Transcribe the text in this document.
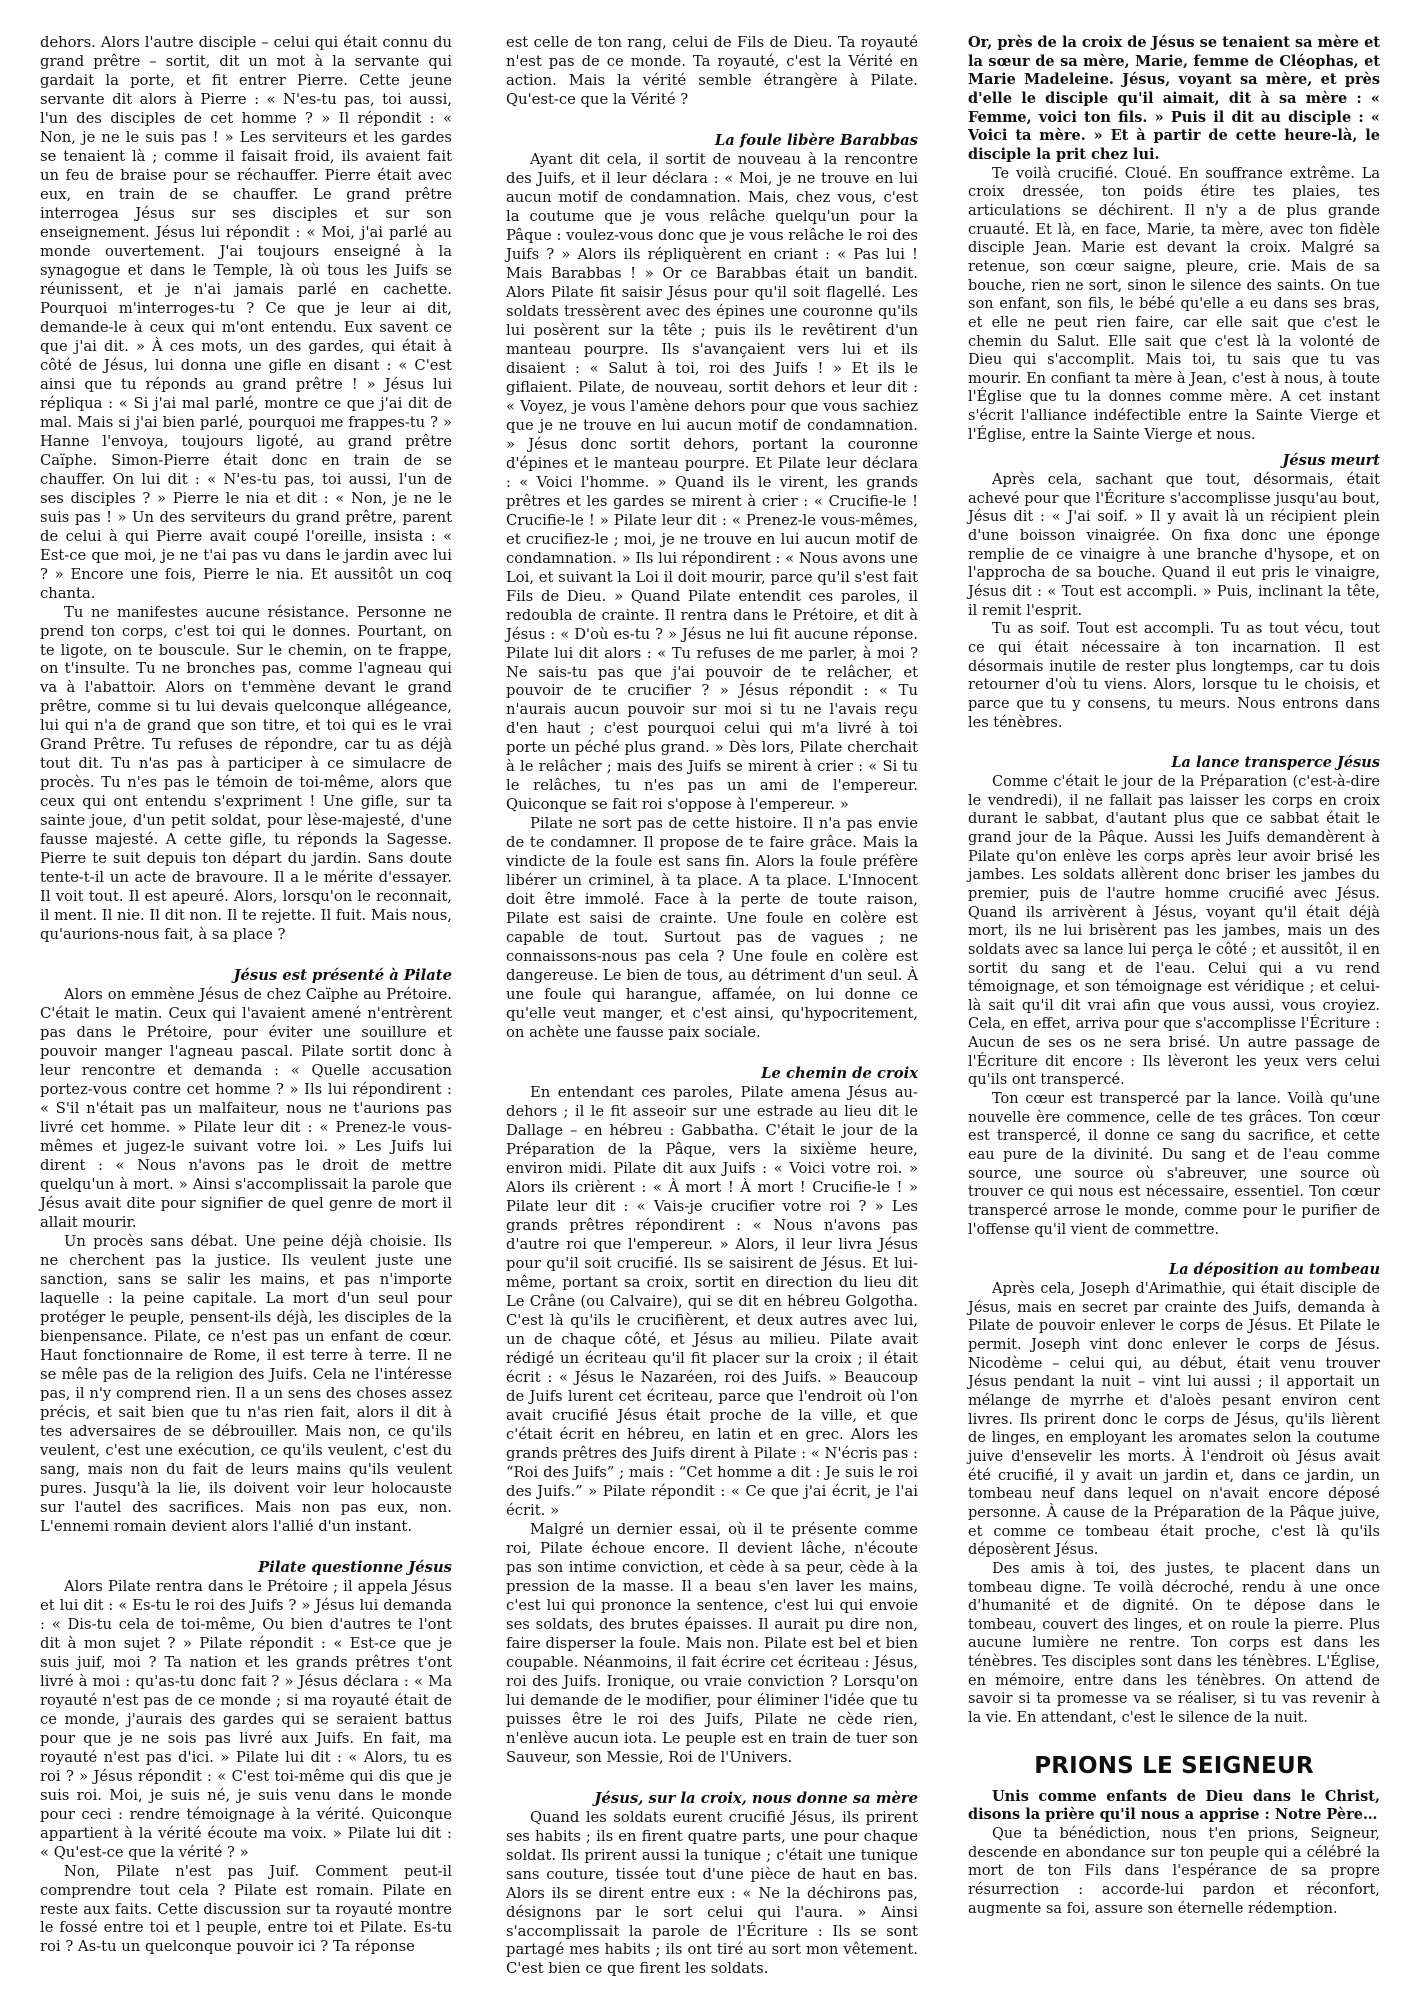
dehors. Alors l'autre disciple – celui qui était connu du grand prêtre – sortit, dit un mot à la servante qui gardait la porte, et fit entrer Pierre. Cette jeune servante dit alors à Pierre : « N'es-tu pas, toi aussi, l'un des disciples de cet homme ? » Il répondit : « Non, je ne le suis pas ! » Les serviteurs et les gardes se tenaient là ; comme il faisait froid, ils avaient fait un feu de braise pour se réchauffer. Pierre était avec eux, en train de se chauffer. Le grand prêtre interrogea Jésus sur ses disciples et sur son enseignement. Jésus lui répondit : « Moi, j'ai parlé au monde ouvertement. J'ai toujours enseigné à la synagogue et dans le Temple, là où tous les Juifs se réunissent, et je n'ai jamais parlé en cachette. Pourquoi m'interroges-tu ? Ce que je leur ai dit, demande-le à ceux qui m'ont entendu. Eux savent ce que j'ai dit. » À ces mots, un des gardes, qui était à côté de Jésus, lui donna une gifle en disant : « C'est ainsi que tu réponds au grand prêtre ! » Jésus lui répliqua : « Si j'ai mal parlé, montre ce que j'ai dit de mal. Mais si j'ai bien parlé, pourquoi me frappes-tu ? » Hanne l'envoya, toujours ligoté, au grand prêtre Caïphe. Simon-Pierre était donc en train de se chauffer. On lui dit : « N'es-tu pas, toi aussi, l'un de ses disciples ? » Pierre le nia et dit : « Non, je ne le suis pas ! » Un des serviteurs du grand prêtre, parent de celui à qui Pierre avait coupé l'oreille, insista : « Est-ce que moi, je ne t'ai pas vu dans le jardin avec lui ? » Encore une fois, Pierre le nia. Et aussitôt un coq chanta.

Tu ne manifestes aucune résistance. Personne ne prend ton corps, c'est toi qui le donnes. Pourtant, on te ligote, on te bouscule. Sur le chemin, on te frappe, on t'insulte. Tu ne bronches pas, comme l'agneau qui va à l'abattoir. Alors on t'emmène devant le grand prêtre, comme si tu lui devais quelconque allégeance, lui qui n'a de grand que son titre, et toi qui es le vrai Grand Prêtre. Tu refuses de répondre, car tu as déjà tout dit. Tu n'as pas à participer à ce simulacre de procès. Tu n'es pas le témoin de toi-même, alors que ceux qui ont entendu s'expriment ! Une gifle, sur ta sainte joue, d'un petit soldat, pour lèse-majesté, d'une fausse majesté. A cette gifle, tu réponds la Sagesse. Pierre te suit depuis ton départ du jardin. Sans doute tente-t-il un acte de bravoure. Il a le mérite d'essayer. Il voit tout. Il est apeuré. Alors, lorsqu'on le reconnait, il ment. Il nie. Il dit non. Il te rejette. Il fuit. Mais nous, qu'aurions-nous fait, à sa place ?

Jésus est présenté à Pilate

Alors on emmène Jésus de chez Caïphe au Prétoire. C'était le matin. Ceux qui l'avaient amené n'entrèrent pas dans le Prétoire, pour éviter une souillure et pouvoir manger l'agneau pascal. Pilate sortit donc à leur rencontre et demanda : « Quelle accusation portez-vous contre cet homme ? » Ils lui répondirent : « S'il n'était pas un malfaiteur, nous ne t'aurions pas livré cet homme. » Pilate leur dit : « Prenez-le vous-mêmes et jugez-le suivant votre loi. » Les Juifs lui dirent : « Nous n'avons pas le droit de mettre quelqu'un à mort. » Ainsi s'accomplissait la parole que Jésus avait dite pour signifier de quel genre de mort il allait mourir.

Un procès sans débat. Une peine déjà choisie. Ils ne cherchent pas la justice. Ils veulent juste une sanction, sans se salir les mains, et pas n'importe laquelle : la peine capitale. La mort d'un seul pour protéger le peuple, pensent-ils déjà, les disciples de la bienpensance. Pilate, ce n'est pas un enfant de cœur. Haut fonctionnaire de Rome, il est terre à terre. Il ne se mêle pas de la religion des Juifs. Cela ne l'intéresse pas, il n'y comprend rien. Il a un sens des choses assez précis, et sait bien que tu n'as rien fait, alors il dit à tes adversaires de se débrouiller. Mais non, ce qu'ils veulent, c'est une exécution, ce qu'ils veulent, c'est du sang, mais non du fait de leurs mains qu'ils veulent pures. Jusqu'à la lie, ils doivent voir leur holocauste sur l'autel des sacrifices. Mais non pas eux, non. L'ennemi romain devient alors l'allié d'un instant.

Pilate questionne Jésus

Alors Pilate rentra dans le Prétoire ; il appela Jésus et lui dit : « Es-tu le roi des Juifs ? » Jésus lui demanda : « Dis-tu cela de toi-même, Ou bien d'autres te l'ont dit à mon sujet ? » Pilate répondit : « Est-ce que je suis juif, moi ? Ta nation et les grands prêtres t'ont livré à moi : qu'as-tu donc fait ? » Jésus déclara : « Ma royauté n'est pas de ce monde ; si ma royauté était de ce monde, j'aurais des gardes qui se seraient battus pour que je ne sois pas livré aux Juifs. En fait, ma royauté n'est pas d'ici. » Pilate lui dit : « Alors, tu es roi ? » Jésus répondit : « C'est toi-même qui dis que je suis roi. Moi, je suis né, je suis venu dans le monde pour ceci : rendre témoignage à la vérité. Quiconque appartient à la vérité écoute ma voix. » Pilate lui dit : « Qu'est-ce que la vérité ? »

Non, Pilate n'est pas Juif. Comment peut-il comprendre tout cela ? Pilate est romain. Pilate en reste aux faits. Cette discussion sur ta royauté montre le fossé entre toi et l peuple, entre toi et Pilate. Es-tu roi ? As-tu un quelconque pouvoir ici ? Ta réponse

est celle de ton rang, celui de Fils de Dieu. Ta royauté n'est pas de ce monde. Ta royauté, c'est la Vérité en action. Mais la vérité semble étrangère à Pilate. Qu'est-ce que la Vérité ?

La foule libère Barabbas

Ayant dit cela, il sortit de nouveau à la rencontre des Juifs, et il leur déclara : « Moi, je ne trouve en lui aucun motif de condamnation. Mais, chez vous, c'est la coutume que je vous relâche quelqu'un pour la Pâque : voulez-vous donc que je vous relâche le roi des Juifs ? » Alors ils répliquèrent en criant : « Pas lui ! Mais Barabbas ! » Or ce Barabbas était un bandit. Alors Pilate fit saisir Jésus pour qu'il soit flagellé. Les soldats tressèrent avec des épines une couronne qu'ils lui posèrent sur la tête ; puis ils le revêtirent d'un manteau pourpre. Ils s'avançaient vers lui et ils disaient : « Salut à toi, roi des Juifs ! » Et ils le giflaient. Pilate, de nouveau, sortit dehors et leur dit : « Voyez, je vous l'amène dehors pour que vous sachiez que je ne trouve en lui aucun motif de condamnation. » Jésus donc sortit dehors, portant la couronne d'épines et le manteau pourpre. Et Pilate leur déclara : « Voici l'homme. » Quand ils le virent, les grands prêtres et les gardes se mirent à crier : « Crucifie-le ! Crucifie-le ! » Pilate leur dit : « Prenez-le vous-mêmes, et crucifiez-le ; moi, je ne trouve en lui aucun motif de condamnation. » Ils lui répondirent : « Nous avons une Loi, et suivant la Loi il doit mourir, parce qu'il s'est fait Fils de Dieu. » Quand Pilate entendit ces paroles, il redoubla de crainte. Il rentra dans le Prétoire, et dit à Jésus : « D'où es-tu ? » Jésus ne lui fit aucune réponse. Pilate lui dit alors : « Tu refuses de me parler, à moi ? Ne sais-tu pas que j'ai pouvoir de te relâcher, et pouvoir de te crucifier ? » Jésus répondit : « Tu n'aurais aucun pouvoir sur moi si tu ne l'avais reçu d'en haut ; c'est pourquoi celui qui m'a livré à toi porte un péché plus grand. » Dès lors, Pilate cherchait à le relâcher ; mais des Juifs se mirent à crier : « Si tu le relâches, tu n'es pas un ami de l'empereur. Quiconque se fait roi s'oppose à l'empereur. »

Pilate ne sort pas de cette histoire. Il n'a pas envie de te condamner. Il propose de te faire grâce. Mais la vindicte de la foule est sans fin. Alors la foule préfère libérer un criminel, à ta place. A ta place. L'Innocent doit être immolé. Face à la perte de toute raison, Pilate est saisi de crainte. Une foule en colère est capable de tout. Surtout pas de vagues ; ne connaissons-nous pas cela ? Une foule en colère est dangereuse. Le bien de tous, au détriment d'un seul. À une foule qui harangue, affamée, on lui donne ce qu'elle veut manger, et c'est ainsi, qu'hypocritement, on achète une fausse paix sociale.

Le chemin de croix

En entendant ces paroles, Pilate amena Jésus au-dehors ; il le fit asseoir sur une estrade au lieu dit le Dallage – en hébreu : Gabbatha. C'était le jour de la Préparation de la Pâque, vers la sixième heure, environ midi. Pilate dit aux Juifs : « Voici votre roi. » Alors ils crièrent : « À mort ! À mort ! Crucifie-le ! » Pilate leur dit : « Vais-je crucifier votre roi ? » Les grands prêtres répondirent : « Nous n'avons pas d'autre roi que l'empereur. » Alors, il leur livra Jésus pour qu'il soit crucifié. Ils se saisirent de Jésus. Et lui-même, portant sa croix, sortit en direction du lieu dit Le Crâne (ou Calvaire), qui se dit en hébreu Golgotha. C'est là qu'ils le crucifièrent, et deux autres avec lui, un de chaque côté, et Jésus au milieu. Pilate avait rédigé un écriteau qu'il fit placer sur la croix ; il était écrit : « Jésus le Nazaréen, roi des Juifs. » Beaucoup de Juifs lurent cet écriteau, parce que l'endroit où l'on avait crucifié Jésus était proche de la ville, et que c'était écrit en hébreu, en latin et en grec. Alors les grands prêtres des Juifs dirent à Pilate : « N'écris pas : “Roi des Juifs” ; mais : “Cet homme a dit : Je suis le roi des Juifs.” » Pilate répondit : « Ce que j'ai écrit, je l'ai écrit. »

Malgré un dernier essai, où il te présente comme roi, Pilate échoue encore. Il devient lâche, n'écoute pas son intime conviction, et cède à sa peur, cède à la pression de la masse. Il a beau s'en laver les mains, c'est lui qui prononce la sentence, c'est lui qui envoie ses soldats, des brutes épaisses. Il aurait pu dire non, faire disperser la foule. Mais non. Pilate est bel et bien coupable. Néanmoins, il fait écrire cet écriteau : Jésus, roi des Juifs. Ironique, ou vraie conviction ? Lorsqu'on lui demande de le modifier, pour éliminer l'idée que tu puisses être le roi des Juifs, Pilate ne cède rien, n'enlève aucun iota. Le peuple est en train de tuer son Sauveur, son Messie, Roi de l'Univers.

Jésus, sur la croix, nous donne sa mère

Quand les soldats eurent crucifié Jésus, ils prirent ses habits ; ils en firent quatre parts, une pour chaque soldat. Ils prirent aussi la tunique ; c'était une tunique sans couture, tissée tout d'une pièce de haut en bas. Alors ils se dirent entre eux : « Ne la déchirons pas, désignons par le sort celui qui l'aura. » Ainsi s'accomplissait la parole de l'Écriture : Ils se sont partagé mes habits ; ils ont tiré au sort mon vêtement. C'est bien ce que firent les soldats.

Or, près de la croix de Jésus se tenaient sa mère et la sœur de sa mère, Marie, femme de Cléophas, et Marie Madeleine. Jésus, voyant sa mère, et près d'elle le disciple qu'il aimait, dit à sa mère : « Femme, voici ton fils. » Puis il dit au disciple : « Voici ta mère. » Et à partir de cette heure-là, le disciple la prit chez lui.

Te voilà crucifié. Cloué. En souffrance extrême. La croix dressée, ton poids étire tes plaies, tes articulations se déchirent. Il n'y a de plus grande cruauté. Et là, en face, Marie, ta mère, avec ton fidèle disciple Jean. Marie est devant la croix. Malgré sa retenue, son cœur saigne, pleure, crie. Mais de sa bouche, rien ne sort, sinon le silence des saints. On tue son enfant, son fils, le bébé qu'elle a eu dans ses bras, et elle ne peut rien faire, car elle sait que c'est le chemin du Salut. Elle sait que c'est là la volonté de Dieu qui s'accomplit. Mais toi, tu sais que tu vas mourir. En confiant ta mère à Jean, c'est à nous, à toute l'Église que tu la donnes comme mère. A cet instant s'écrit l'alliance indéfectible entre la Sainte Vierge et l'Église, entre la Sainte Vierge et nous.

Jésus meurt

Après cela, sachant que tout, désormais, était achevé pour que l'Écriture s'accomplisse jusqu'au bout, Jésus dit : « J'ai soif. » Il y avait là un récipient plein d'une boisson vinaigrée. On fixa donc une éponge remplie de ce vinaigre à une branche d'hysope, et on l'approcha de sa bouche. Quand il eut pris le vinaigre, Jésus dit : « Tout est accompli. » Puis, inclinant la tête, il remit l'esprit.

Tu as soif. Tout est accompli. Tu as tout vécu, tout ce qui était nécessaire à ton incarnation. Il est désormais inutile de rester plus longtemps, car tu dois retourner d'où tu viens. Alors, lorsque tu le choisis, et parce que tu y consens, tu meurs. Nous entrons dans les ténèbres.

La lance transperce Jésus

Comme c'était le jour de la Préparation (c'est-à-dire le vendredi), il ne fallait pas laisser les corps en croix durant le sabbat, d'autant plus que ce sabbat était le grand jour de la Pâque. Aussi les Juifs demandèrent à Pilate qu'on enlève les corps après leur avoir brisé les jambes. Les soldats allèrent donc briser les jambes du premier, puis de l'autre homme crucifié avec Jésus. Quand ils arrivèrent à Jésus, voyant qu'il était déjà mort, ils ne lui brisèrent pas les jambes, mais un des soldats avec sa lance lui perça le côté ; et aussitôt, il en sortit du sang et de l'eau. Celui qui a vu rend témoignage, et son témoignage est véridique ; et celui-là sait qu'il dit vrai afin que vous aussi, vous croyiez. Cela, en effet, arriva pour que s'accomplisse l'Écriture : Aucun de ses os ne sera brisé. Un autre passage de l'Écriture dit encore : Ils lèveront les yeux vers celui qu'ils ont transpercé.

Ton cœur est transpercé par la lance. Voilà qu'une nouvelle ère commence, celle de tes grâces. Ton cœur est transpercé, il donne ce sang du sacrifice, et cette eau pure de la divinité. Du sang et de l'eau comme source, une source où s'abreuver, une source où trouver ce qui nous est nécessaire, essentiel. Ton cœur transpercé arrose le monde, comme pour le purifier de l'offense qu'il vient de commettre.

La déposition au tombeau

Après cela, Joseph d'Arimathie, qui était disciple de Jésus, mais en secret par crainte des Juifs, demanda à Pilate de pouvoir enlever le corps de Jésus. Et Pilate le permit. Joseph vint donc enlever le corps de Jésus. Nicodème – celui qui, au début, était venu trouver Jésus pendant la nuit – vint lui aussi ; il apportait un mélange de myrrhe et d'aloès pesant environ cent livres. Ils prirent donc le corps de Jésus, qu'ils lièrent de linges, en employant les aromates selon la coutume juive d'ensevelir les morts. À l'endroit où Jésus avait été crucifié, il y avait un jardin et, dans ce jardin, un tombeau neuf dans lequel on n'avait encore déposé personne. À cause de la Préparation de la Pâque juive, et comme ce tombeau était proche, c'est là qu'ils déposèrent Jésus.

Des amis à toi, des justes, te placent dans un tombeau digne. Te voilà décroché, rendu à une once d'humanité et de dignité. On te dépose dans le tombeau, couvert des linges, et on roule la pierre. Plus aucune lumière ne rentre. Ton corps est dans les ténèbres. Tes disciples sont dans les ténèbres. L'Église, en mémoire, entre dans les ténèbres. On attend de savoir si ta promesse va se réaliser, si tu vas revenir à la vie. En attendant, c'est le silence de la nuit.

PRIONS LE SEIGNEUR

Unis comme enfants de Dieu dans le Christ, disons la prière qu'il nous a apprise : Notre Père…

Que ta bénédiction, nous t'en prions, Seigneur, descende en abondance sur ton peuple qui a célébré la mort de ton Fils dans l'espérance de sa propre résurrection : accorde-lui pardon et réconfort, augmente sa foi, assure son éternelle rédemption.
